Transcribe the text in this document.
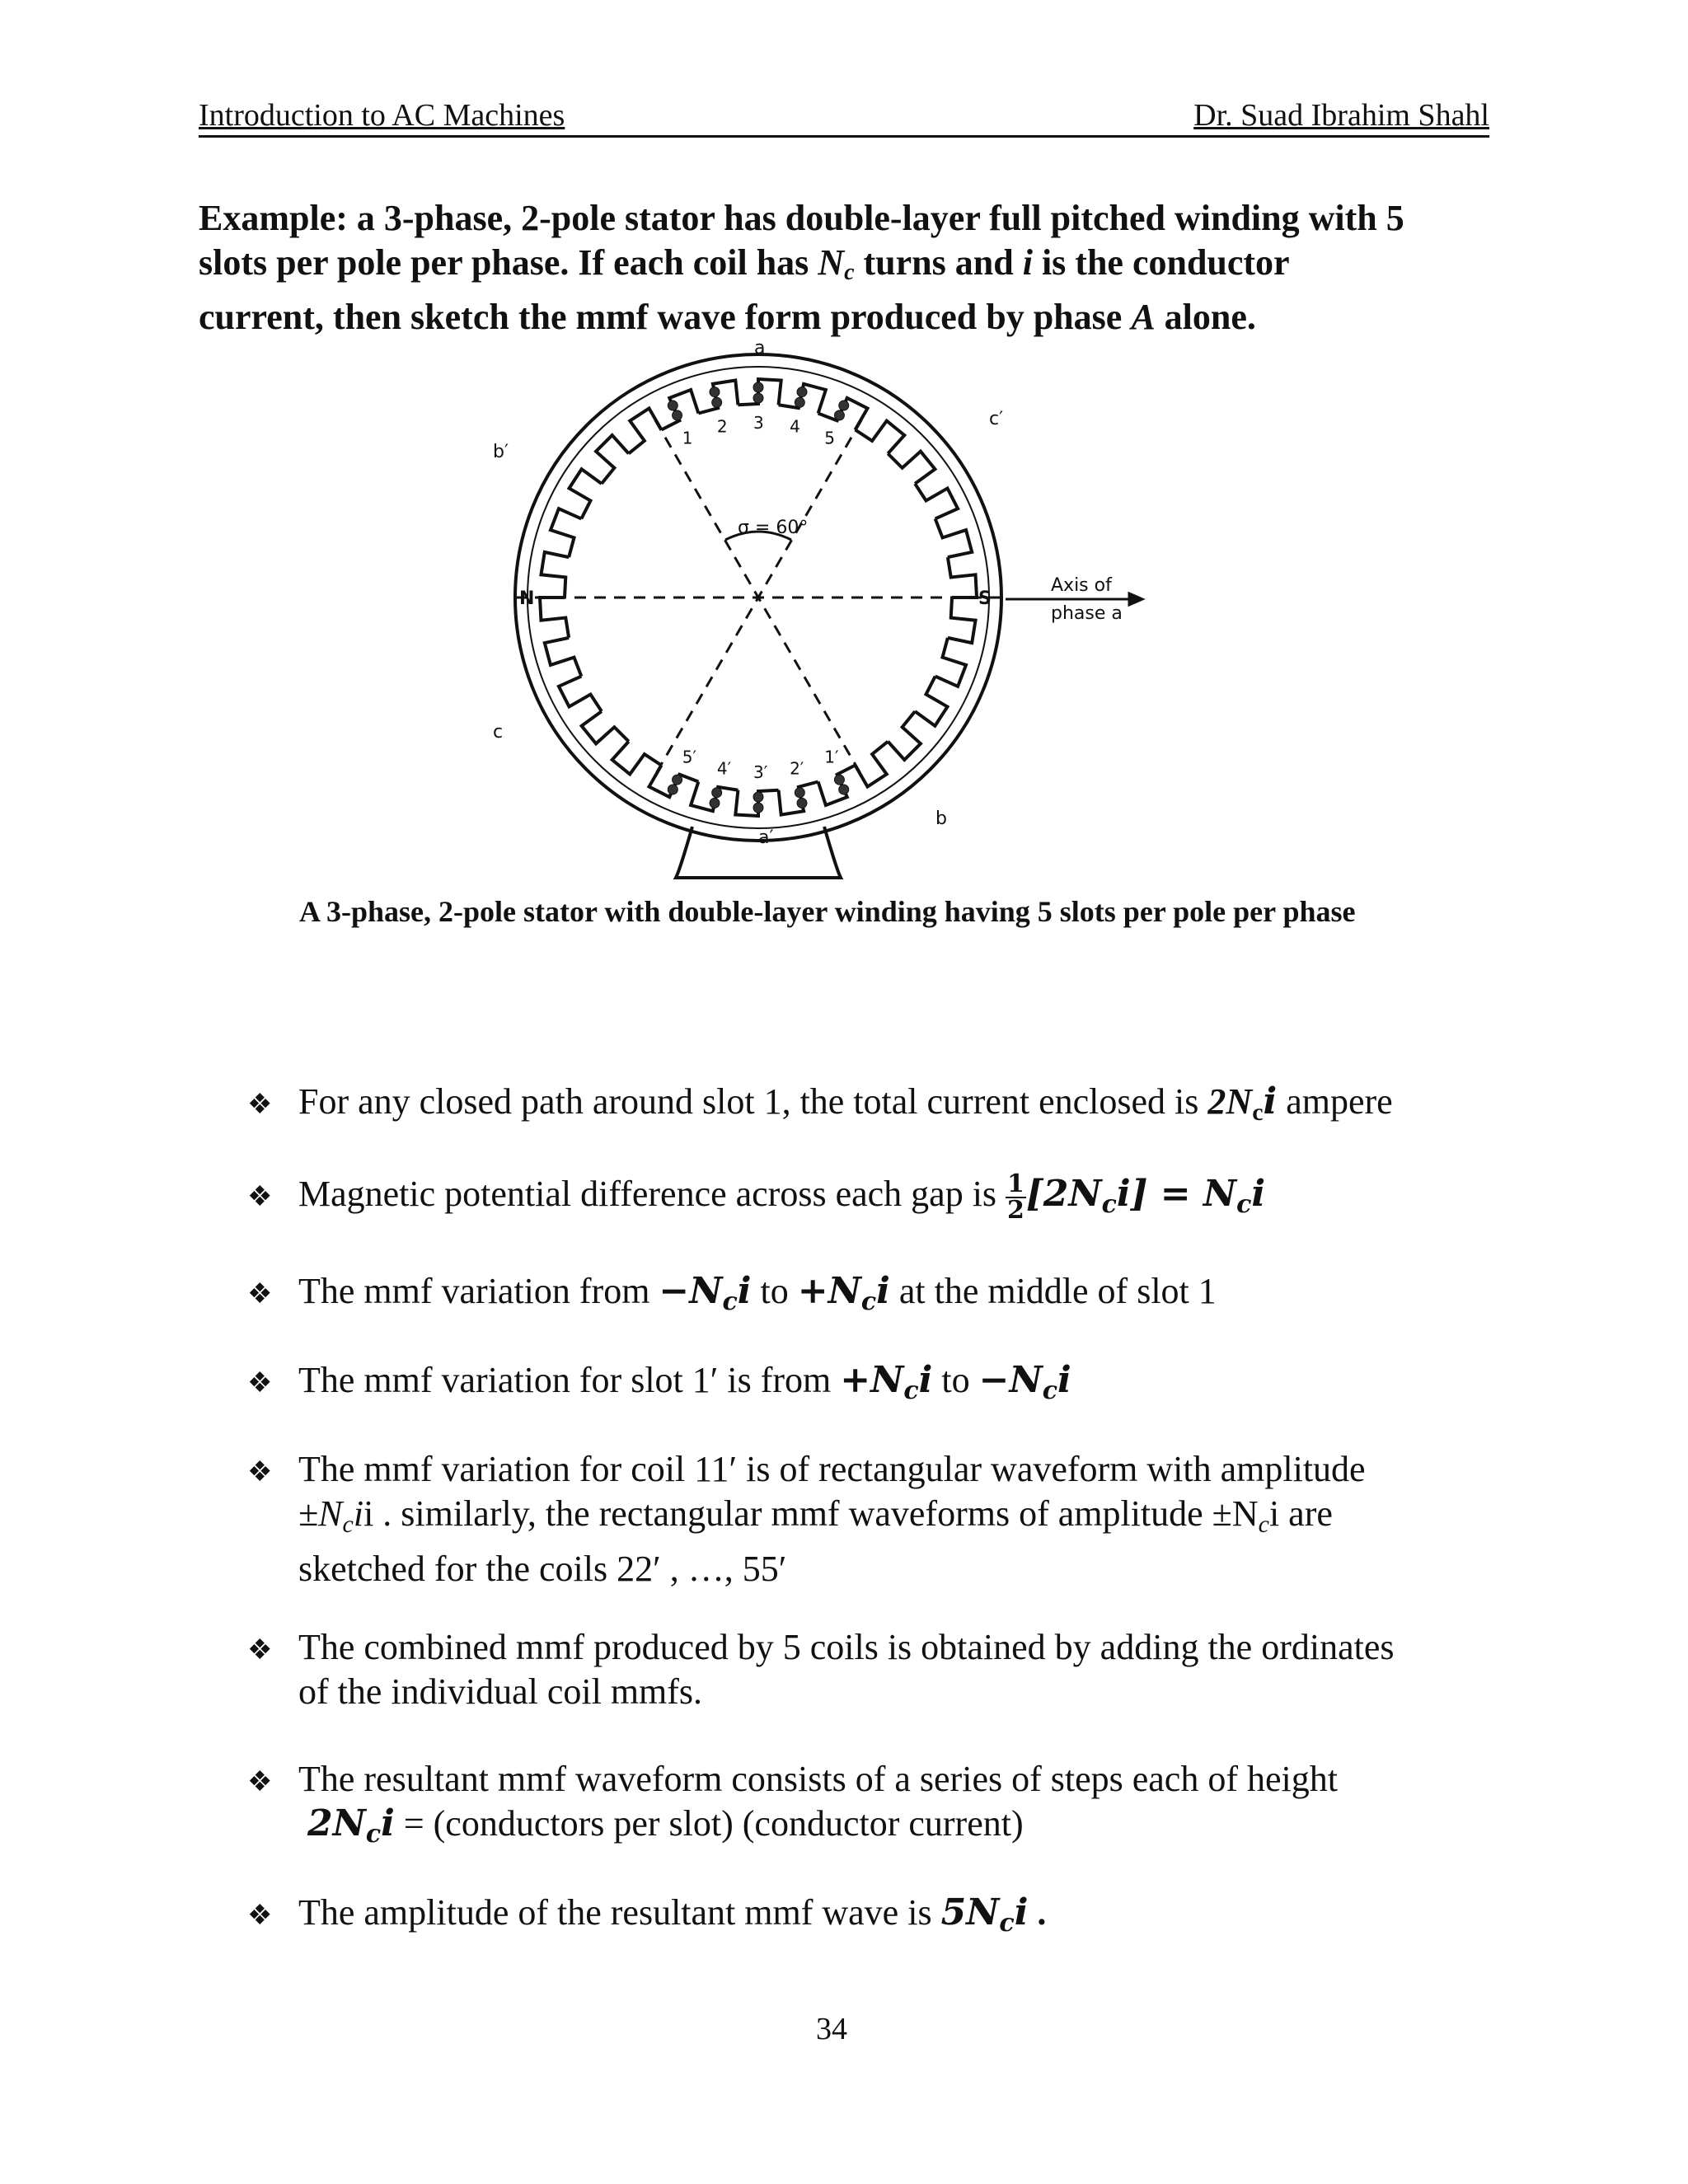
Introduction to AC Machines	Dr. Suad Ibrahim Shahl
Example: a 3-phase, 2-pole stator has double-layer full pitched winding with 5
slots per pole per phase. If each coil has $N_c$ turns and i is the conductor
current, then sketch the mmf wave form produced by phase A alone.
a
a′
b
b′
c
c′
N	S
σ = 60°
Axis of
phase a
1
2 3 4
5
5′
4′ 3′ 2′
1′
A 3-phase, 2-pole stator with double-layer winding having 5 slots per pole per phase
❖ For any closed path around slot 1, the total current enclosed is $2N_ci$ ampere
❖ Magnetic potential difference across each gap is $\frac{1}{2} [2N_ci] = N_ci$
❖ The mmf variation from $-N_ci$ to $+N_ci$ at the middle of slot 1
❖ The mmf variation for slot 1′ is from $+N_ci$ to $-N_ci$
❖ The mmf variation for coil 11′ is of rectangular waveform with amplitude
$\pm N_cii$ . similarly, the rectangular mmf waveforms of amplitude $\pm N_ci$ are
sketched for the coils 22′ , …, 55′
❖ The combined mmf produced by 5 coils is obtained by adding the ordinates
of the individual coil mmfs.
❖ The resultant mmf waveform consists of a series of steps each of height
$2N_ci$ = (conductors per slot) (conductor current)
❖ The amplitude of the resultant mmf wave is $5N_ci$ .
34
